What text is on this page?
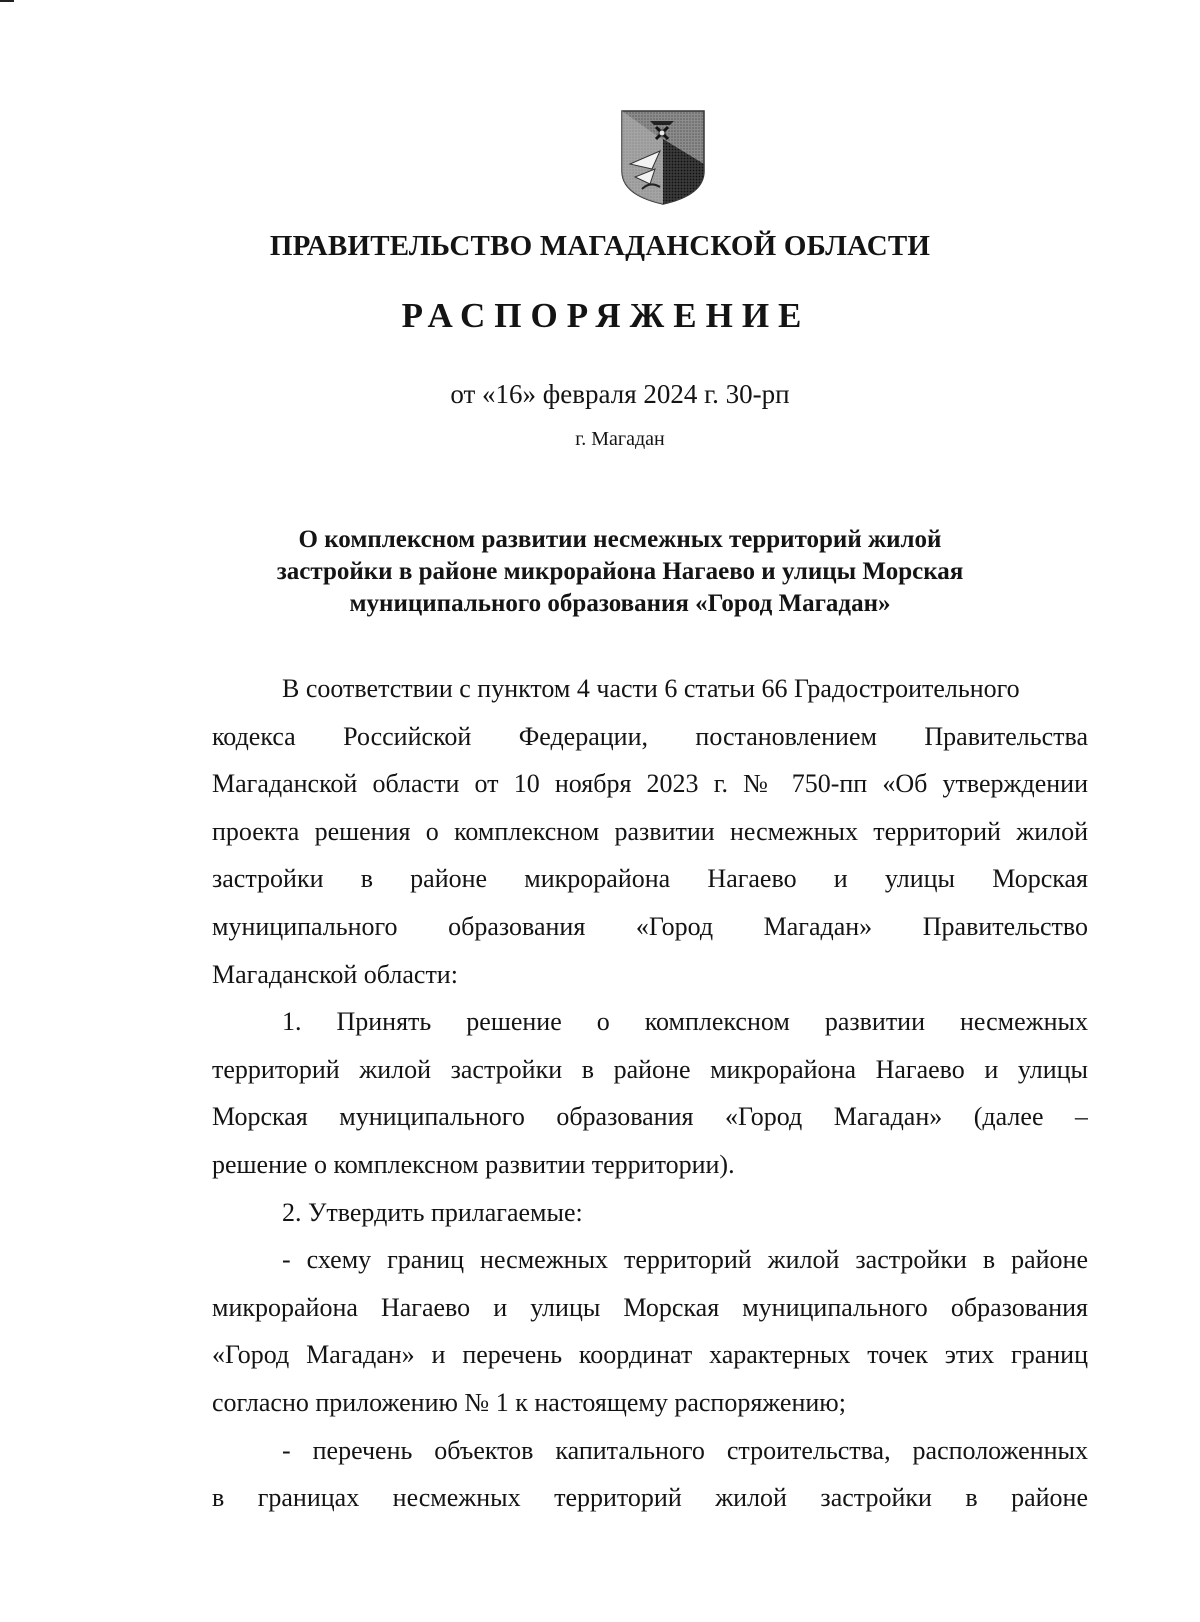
ПРАВИТЕЛЬСТВО МАГАДАНСКОЙ ОБЛАСТИ
РАСПОРЯЖЕНИЕ
от «16» февраля 2024 г. 30-рп
г. Магадан
О комплексном развитии несмежных территорий жилой
застройки в районе микрорайона Нагаево и улицы Морская
муниципального образования «Город Магадан»
В соответствии с пунктом 4 части 6 статьи 66 Градостроительного
кодекса Российской Федерации, постановлением Правительства
Магаданской области от 10 ноября 2023 г. № 750-пп «Об утверждении
проекта решения о комплексном развитии несмежных территорий жилой
застройки в районе микрорайона Нагаево и улицы Морская
муниципального образования «Город Магадан» Правительство
Магаданской области:
1. Принять решение о комплексном развитии несмежных
территорий жилой застройки в районе микрорайона Нагаево и улицы
Морская муниципального образования «Город Магадан» (далее –
решение о комплексном развитии территории).
2. Утвердить прилагаемые:
- схему границ несмежных территорий жилой застройки в районе
микрорайона Нагаево и улицы Морская муниципального образования
«Город Магадан» и перечень координат характерных точек этих границ
согласно приложению № 1 к настоящему распоряжению;
- перечень объектов капитального строительства, расположенных
в границах несмежных территорий жилой застройки в районе
